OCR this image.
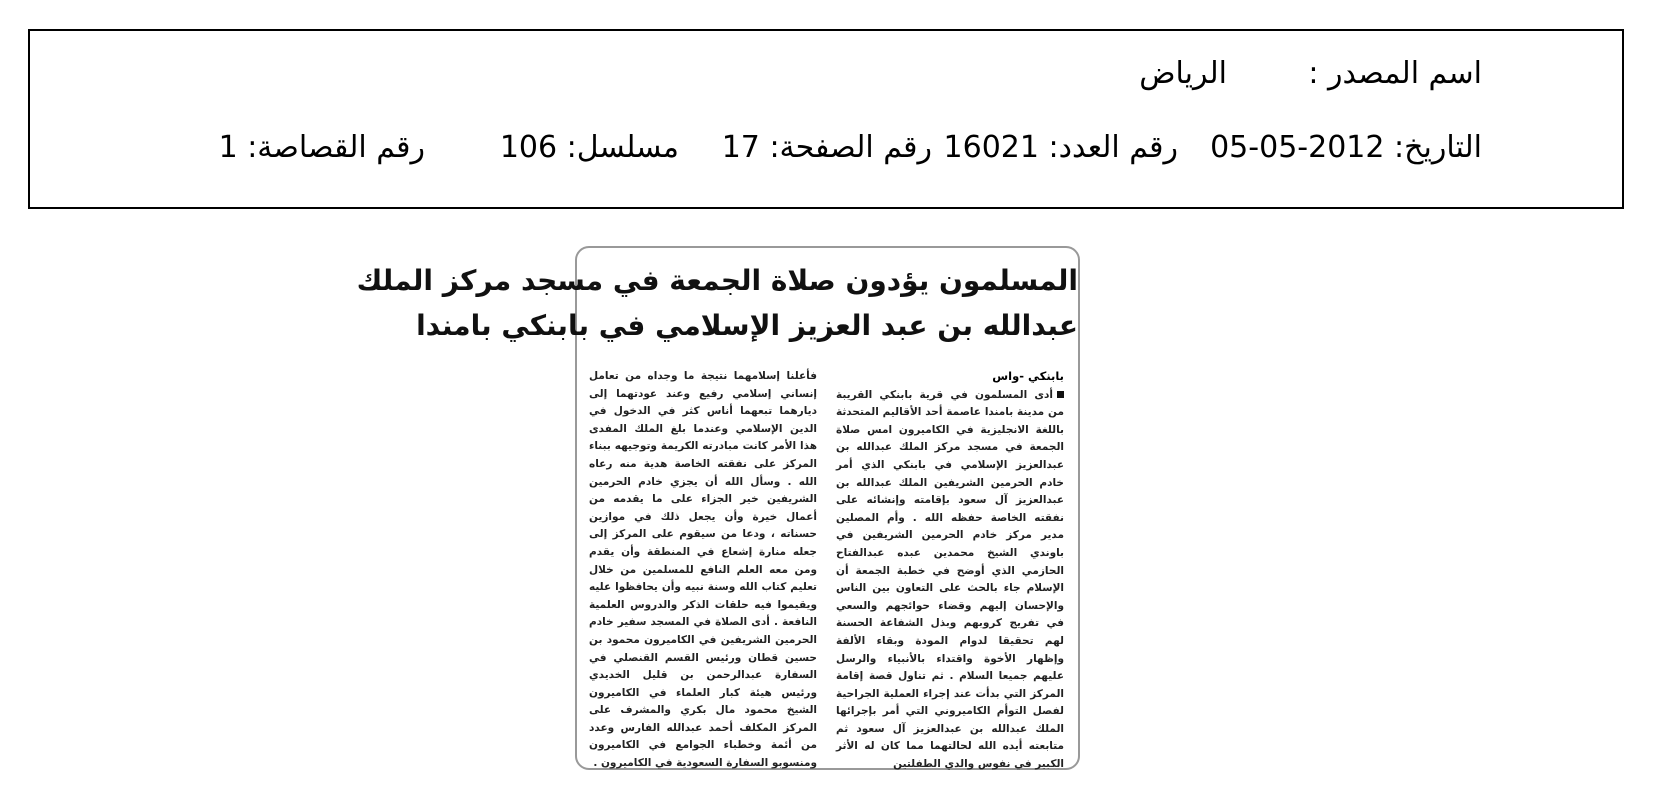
اسم المصدر :
الرياض
التاريخ: 2012-05-05
رقم العدد: 16021
رقم الصفحة: 17
مسلسل: 106
رقم القصاصة: 1
المسلمون يؤدون صلاة الجمعة في مسجد مركز الملك
عبدالله بن عبد العزيز الإسلامي في بابنكي بامندا
بابنكي -واس

أدى المسلمون في قرية بابنكي القريبة من مدينة بامندا عاصمة أحد الأقاليم المتحدثة باللغة الانجليزية في الكاميرون امس صلاة الجمعة في مسجد مركز الملك عبدالله بن عبدالعزيز الإسلامي في بابنكي الذي أمر خادم الحرمين الشريفين الملك عبدالله بن عبدالعزيز آل سعود بإقامته وإنشائه على نفقته الخاصة حفظه الله . وأم المصلين مدير مركز خادم الحرمين الشريفين في باوندي الشيخ محمدين عبده عبدالفتاح الحازمي الذي أوضح في خطبة الجمعة أن الإسلام جاء بالحث على التعاون بين الناس والإحسان إليهم وقضاء حوائجهم والسعي في تفريج كروبهم وبذل الشفاعة الحسنة لهم تحقيقا لدوام المودة وبقاء الألفة وإظهار الأخوة واقتداء بالأنبياء والرسل عليهم جميعا السلام . ثم تناول قصة إقامة المركز التي بدأت عند إجراء العملية الجراحية لفصل التوأم الكاميروني التي أمر بإجرائها الملك عبدالله بن عبدالعزيز آل سعود ثم متابعته أيده الله لحالتهما مما كان له الأثر الكبير في نفوس والدي الطفلتين

فأعلنا إسلامهما نتيجة ما وجداه من تعامل إنساني إسلامي رفيع وعند عودتهما إلى ديارهما تبعهما أناس كثر في الدخول في الدين الإسلامي وعندما بلغ الملك المفدى هذا الأمر كانت مبادرته الكريمة وتوجيهه ببناء المركز على نفقته الخاصة هدية منه رعاه الله . وسأل الله أن يجزي خادم الحرمين الشريفين خير الجزاء على ما يقدمه من أعمال خيرة وأن يجعل ذلك في موازين حسناته ، ودعا من سيقوم على المركز إلى جعله منارة إشعاع في المنطقة وأن يقدم ومن معه العلم النافع للمسلمين من خلال تعليم كتاب الله وسنة نبيه وأن يحافظوا عليه ويقيموا فيه حلقات الذكر والدروس العلمية النافعة . أدى الصلاة في المسجد سفير خادم الحرمين الشريفين في الكاميرون محمود بن حسين قطان ورئيس القسم القنصلي في السفارة عبدالرحمن بن قليل الخديدي ورئيس هيئة كبار العلماء في الكاميرون الشيخ محمود مال بكري والمشرف على المركز المكلف أحمد عبدالله الفارس وعدد من أئمة وخطباء الجوامع في الكاميرون ومنسوبو السفارة السعودية في الكاميرون .
